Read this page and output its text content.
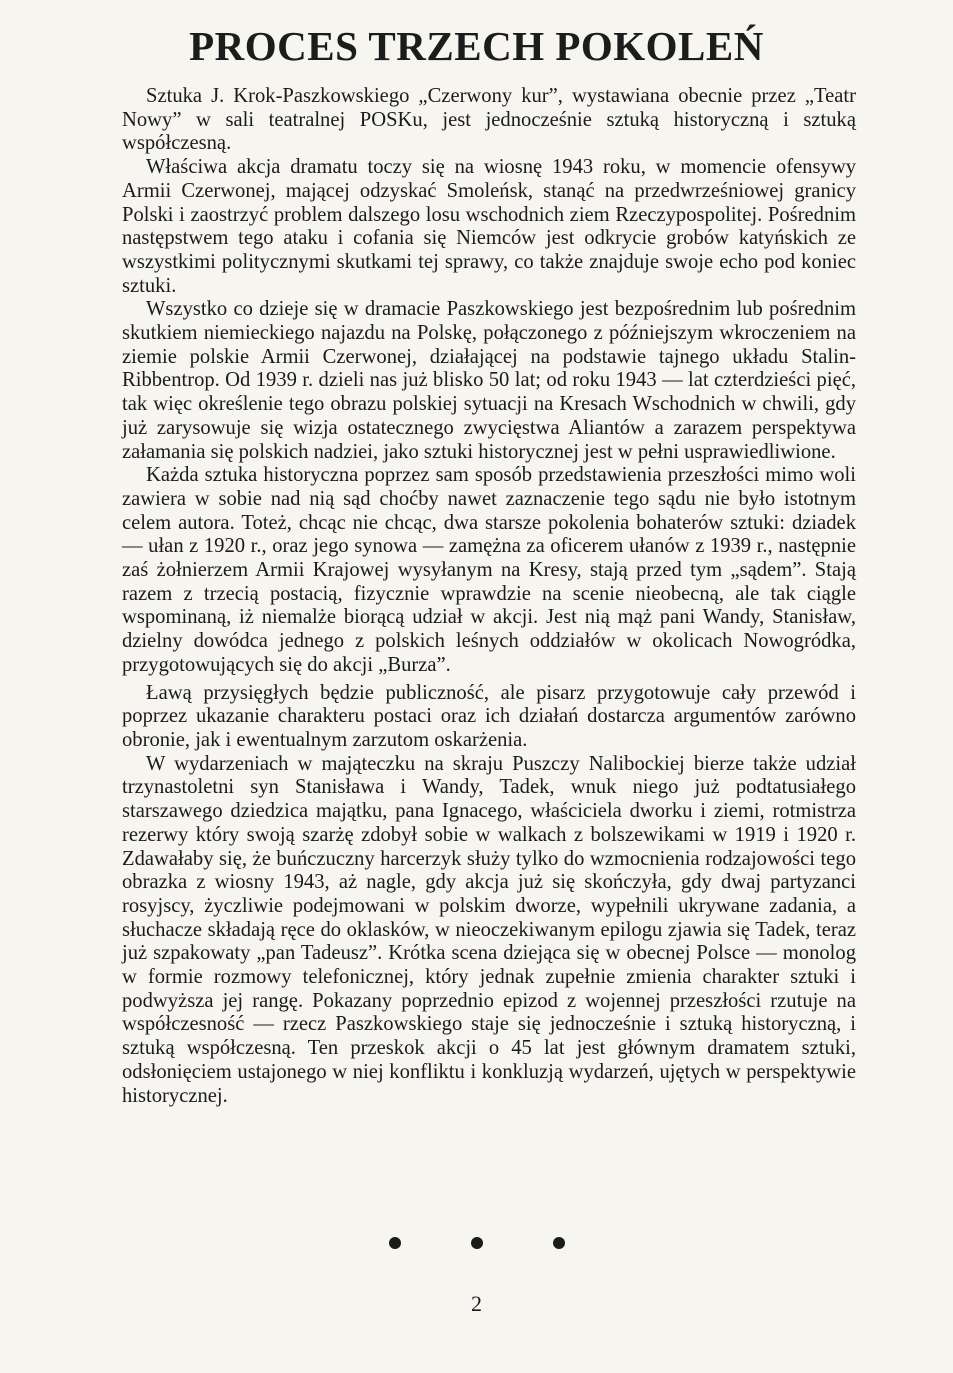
PROCES TRZECH POKOLEŃ

Sztuka J. Krok-Paszkowskiego „Czerwony kur”, wystawiana obecnie przez „Teatr Nowy” w sali teatralnej POSKu, jest jednocześnie sztuką historyczną i sztuką współczesną.

Właściwa akcja dramatu toczy się na wiosnę 1943 roku, w momencie ofensywy Armii Czerwonej, mającej odzyskać Smoleńsk, stanąć na przedwrześniowej granicy Polski i zaostrzyć problem dalszego losu wschodnich ziem Rzeczypospolitej. Pośrednim następstwem tego ataku i cofania się Niemców jest odkrycie grobów katyńskich ze wszystkimi politycznymi skutkami tej sprawy, co także znajduje swoje echo pod koniec sztuki.

Wszystko co dzieje się w dramacie Paszkowskiego jest bezpośrednim lub pośrednim skutkiem niemieckiego najazdu na Polskę, połączonego z późniejszym wkroczeniem na ziemie polskie Armii Czerwonej, działającej na podstawie tajnego układu Stalin-Ribbentrop. Od 1939 r. dzieli nas już blisko 50 lat; od roku 1943 — lat czterdzieści pięć, tak więc określenie tego obrazu polskiej sytuacji na Kresach Wschodnich w chwili, gdy już zarysowuje się wizja ostatecznego zwycięstwa Aliantów a zarazem perspektywa załamania się polskich nadziei, jako sztuki historycznej jest w pełni usprawiedliwione.

Każda sztuka historyczna poprzez sam sposób przedstawienia przeszłości mimo woli zawiera w sobie nad nią sąd choćby nawet zaznaczenie tego sądu nie było istotnym celem autora. Toteż, chcąc nie chcąc, dwa starsze pokolenia bohaterów sztuki: dziadek — ułan z 1920 r., oraz jego synowa — zamężna za oficerem ułanów z 1939 r., następnie zaś żołnierzem Armii Krajowej wysyłanym na Kresy, stają przed tym „sądem”. Stają razem z trzecią postacią, fizycznie wprawdzie na scenie nieobecną, ale tak ciągle wspominaną, iż niemalże biorącą udział w akcji. Jest nią mąż pani Wandy, Stanisław, dzielny dowódca jednego z polskich leśnych oddziałów w okolicach Nowogródka, przygotowujących się do akcji „Burza”.

Ławą przysięgłych będzie publiczność, ale pisarz przygotowuje cały przewód i poprzez ukazanie charakteru postaci oraz ich działań dostarcza argumentów zarówno obronie, jak i ewentualnym zarzutom oskarżenia.

W wydarzeniach w mająteczku na skraju Puszczy Nalibockiej bierze także udział trzynastoletni syn Stanisława i Wandy, Tadek, wnuk niego już podtatusiałego starszawego dziedzica majątku, pana Ignacego, właściciela dworku i ziemi, rotmistrza rezerwy który swoją szarżę zdobył sobie w walkach z bolszewikami w 1919 i 1920 r. Zdawałaby się, że buńczuczny harcerzyk służy tylko do wzmocnienia rodzajowości tego obrazka z wiosny 1943, aż nagle, gdy akcja już się skończyła, gdy dwaj partyzanci rosyjscy, życzliwie podejmowani w polskim dworze, wypełnili ukrywane zadania, a słuchacze składają ręce do oklasków, w nieoczekiwanym epilogu zjawia się Tadek, teraz już szpakowaty „pan Tadeusz”. Krótka scena dziejąca się w obecnej Polsce — monolog w formie rozmowy telefonicznej, który jednak zupełnie zmienia charakter sztuki i podwyższa jej rangę. Pokazany poprzednio epizod z wojennej przeszłości rzutuje na współczesność — rzecz Paszkowskiego staje się jednocześnie i sztuką historyczną, i sztuką współczesną. Ten przeskok akcji o 45 lat jest głównym dramatem sztuki, odsłonięciem ustajonego w niej konfliktu i konkluzją wydarzeń, ujętych w perspektywie historycznej.

2
